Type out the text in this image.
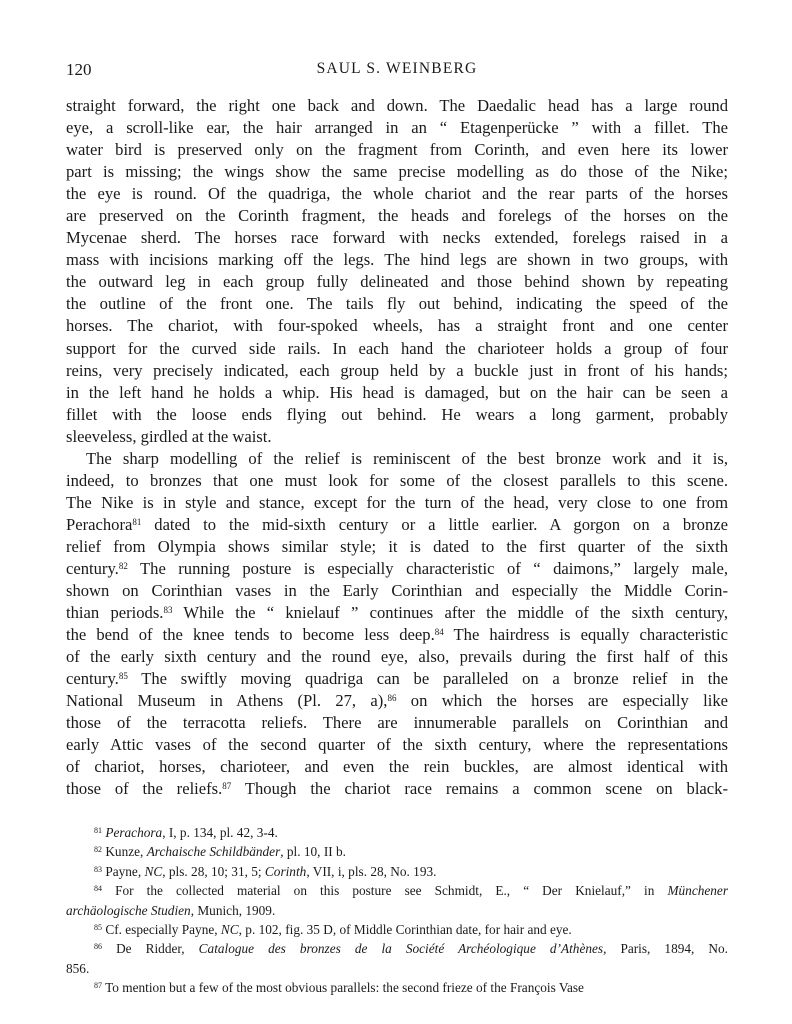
120	SAUL S. WEINBERG

straight forward, the right one back and down. The Daedalic head has a large round
eye, a scroll-like ear, the hair arranged in an “ Etagenperücke ” with a fillet. The
water bird is preserved only on the fragment from Corinth, and even here its lower
part is missing; the wings show the same precise modelling as do those of the Nike;
the eye is round. Of the quadriga, the whole chariot and the rear parts of the horses
are preserved on the Corinth fragment, the heads and forelegs of the horses on the
Mycenae sherd. The horses race forward with necks extended, forelegs raised in a
mass with incisions marking off the legs. The hind legs are shown in two groups, with
the outward leg in each group fully delineated and those behind shown by repeating
the outline of the front one. The tails fly out behind, indicating the speed of the
horses. The chariot, with four-spoked wheels, has a straight front and one center
support for the curved side rails. In each hand the charioteer holds a group of four
reins, very precisely indicated, each group held by a buckle just in front of his hands;
in the left hand he holds a whip. His head is damaged, but on the hair can be seen a
fillet with the loose ends flying out behind. He wears a long garment, probably
sleeveless, girdled at the waist.

The sharp modelling of the relief is reminiscent of the best bronze work and it is,
indeed, to bronzes that one must look for some of the closest parallels to this scene.
The Nike is in style and stance, except for the turn of the head, very close to one from
Perachora$^{81}$ dated to the mid-sixth century or a little earlier. A gorgon on a bronze
relief from Olympia shows similar style; it is dated to the first quarter of the sixth
century.$^{82}$ The running posture is especially characteristic of “ daimons,” largely male,
shown on Corinthian vases in the Early Corinthian and especially the Middle Corin-
thian periods.$^{83}$ While the “ knielauf ” continues after the middle of the sixth century,
the bend of the knee tends to become less deep.$^{84}$ The hairdress is equally characteristic
of the early sixth century and the round eye, also, prevails during the first half of this
century.$^{85}$ The swiftly moving quadriga can be paralleled on a bronze relief in the
National Museum in Athens (Pl. 27, a),$^{86}$ on which the horses are especially like
those of the terracotta reliefs. There are innumerable parallels on Corinthian and
early Attic vases of the second quarter of the sixth century, where the representations
of chariot, horses, charioteer, and even the rein buckles, are almost identical with
those of the reliefs.$^{87}$ Though the chariot race remains a common scene on black-

$^{81}$ Perachora, I, p. 134, pl. 42, 3-4.

$^{82}$ Kunze, Archaische Schildbänder, pl. 10, II b.

$^{83}$ Payne, NC, pls. 28, 10; 31, 5; Corinth, VII, i, pls. 28, No. 193.

$^{84}$ For the collected material on this posture see Schmidt, E., “ Der Knielauf,” in Münchener
archäologische Studien, Munich, 1909.

$^{85}$ Cf. especially Payne, NC, p. 102, fig. 35 D, of Middle Corinthian date, for hair and eye.

$^{86}$ De Ridder, Catalogue des bronzes de la Société Archéologique d’Athènes, Paris, 1894, No.
856.

$^{87}$ To mention but a few of the most obvious parallels: the second frieze of the François Vase
